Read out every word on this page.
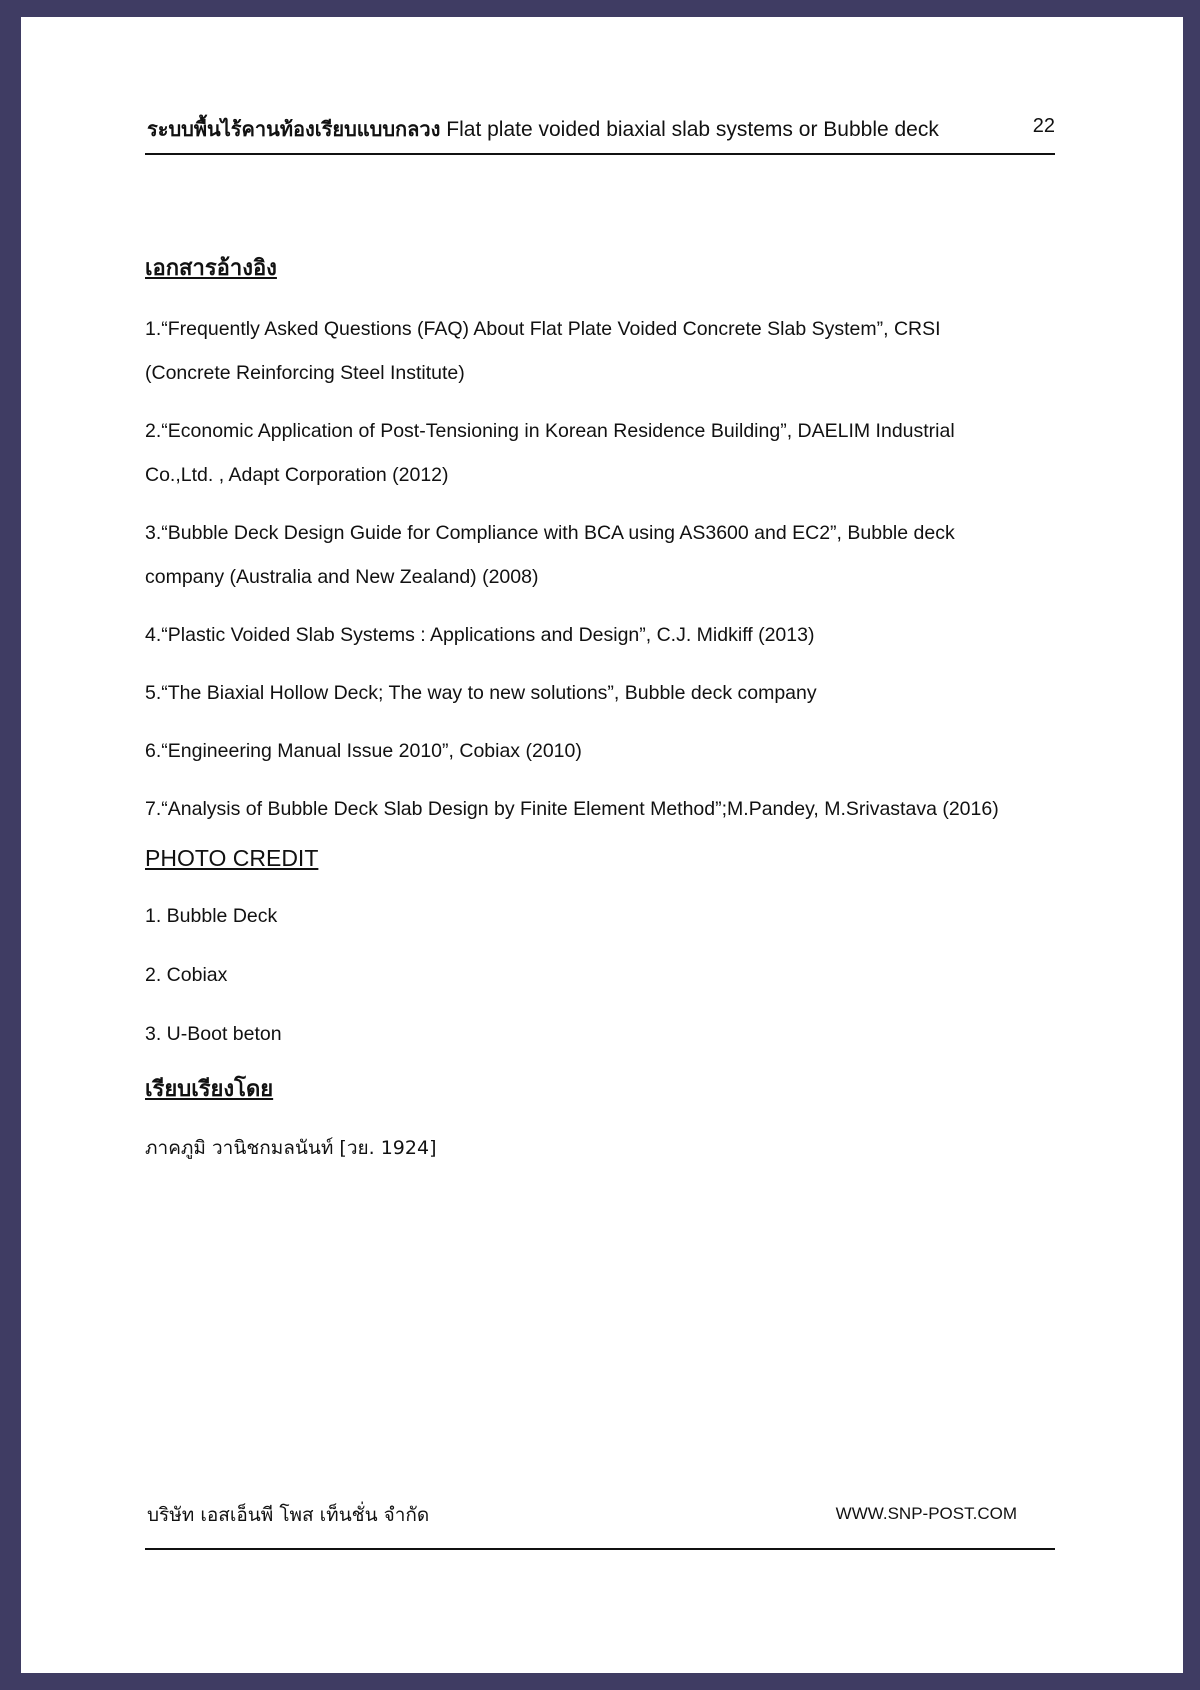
ระบบพื้นไร้คานท้องเรียบแบบกลวง Flat plate voided biaxial slab systems or Bubble deck	22
เอกสารอ้างอิง
1.“Frequently Asked Questions (FAQ) About Flat Plate Voided Concrete Slab System”, CRSI (Concrete Reinforcing Steel Institute)
2.“Economic Application of Post-Tensioning in Korean Residence Building”, DAELIM Industrial Co.,Ltd. , Adapt Corporation (2012)
3.“Bubble Deck Design Guide for Compliance with BCA using AS3600 and EC2”, Bubble deck company (Australia and New Zealand) (2008)
4.“Plastic Voided Slab Systems : Applications and Design”, C.J. Midkiff (2013)
5.“The Biaxial Hollow Deck; The way to new solutions”, Bubble deck company
6.“Engineering Manual Issue 2010”, Cobiax (2010)
7.“Analysis of Bubble Deck Slab Design by Finite Element Method”;M.Pandey, M.Srivastava (2016)
PHOTO CREDIT
1. Bubble Deck
2. Cobiax
3. U-Boot beton
เรียบเรียงโดย
ภาคภูมิ วานิชกมลนันท์ [วย. 1924]
บริษัท เอสเอ็นพี โพส เท็นชั่น จำกัด	WWW.SNP-POST.COM
